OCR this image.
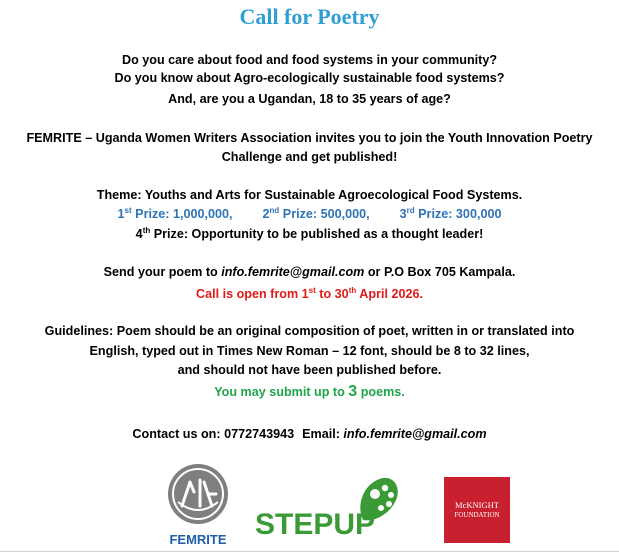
Call for Poetry
Do you care about food and food systems in your community?
Do you know about Agro-ecologically sustainable food systems?
And, are you a Ugandan, 18 to 35 years of age?
FEMRITE – Uganda Women Writers Association invites you to join the Youth Innovation Poetry
Challenge and get published!
Theme: Youths and Arts for Sustainable Agroecological Food Systems.
1st Prize: 1,000,000, 2nd Prize: 500,000, 3rd Prize: 300,000
4th Prize: Opportunity to be published as a thought leader!
Send your poem to info.femrite@gmail.com or P.O Box 705 Kampala.
Call is open from 1st to 30th April 2026.
Guidelines: Poem should be an original composition of poet, written in or translated into
English, typed out in Times New Roman – 12 font, should be 8 to 32 lines,
and should not have been published before.
You may submit up to 3 poems.
Contact us on: 0772743943 Email: info.femrite@gmail.com
FEMRITE STEPUP
McKNIGHT
FOUNDATION
